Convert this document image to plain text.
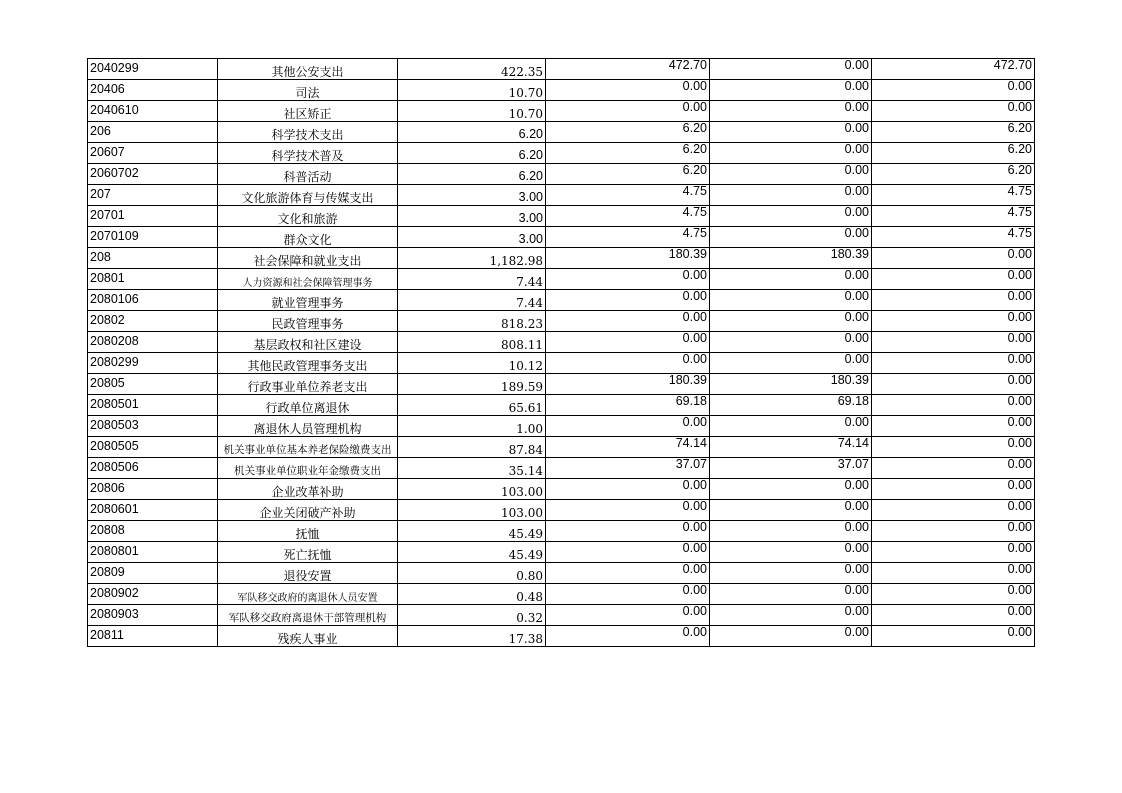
2040299	其他公安支出	422.35	472.70	0.00	472.70
20406	司法	10.70	0.00	0.00	0.00
2040610	社区矫正	10.70	0.00	0.00	0.00
206	科学技术支出	6.20	6.20	0.00	6.20
20607	科学技术普及	6.20	6.20	0.00	6.20
2060702	科普活动	6.20	6.20	0.00	6.20
207	文化旅游体育与传媒支出	3.00	4.75	0.00	4.75
20701	文化和旅游	3.00	4.75	0.00	4.75
2070109	群众文化	3.00	4.75	0.00	4.75
208	社会保障和就业支出	1,182.98	180.39	180.39	0.00
20801	人力资源和社会保障管理事务	7.44	0.00	0.00	0.00
2080106	就业管理事务	7.44	0.00	0.00	0.00
20802	民政管理事务	818.23	0.00	0.00	0.00
2080208	基层政权和社区建设	808.11	0.00	0.00	0.00
2080299	其他民政管理事务支出	10.12	0.00	0.00	0.00
20805	行政事业单位养老支出	189.59	180.39	180.39	0.00
2080501	行政单位离退休	65.61	69.18	69.18	0.00
2080503	离退休人员管理机构	1.00	0.00	0.00	0.00
2080505	机关事业单位基本养老保险缴费支出	87.84	74.14	74.14	0.00
2080506	机关事业单位职业年金缴费支出	35.14	37.07	37.07	0.00
20806	企业改革补助	103.00	0.00	0.00	0.00
2080601	企业关闭破产补助	103.00	0.00	0.00	0.00
20808	抚恤	45.49	0.00	0.00	0.00
2080801	死亡抚恤	45.49	0.00	0.00	0.00
20809	退役安置	0.80	0.00	0.00	0.00
2080902	军队移交政府的离退休人员安置	0.48	0.00	0.00	0.00
2080903	军队移交政府离退休干部管理机构	0.32	0.00	0.00	0.00
20811	残疾人事业	17.38	0.00	0.00	0.00
